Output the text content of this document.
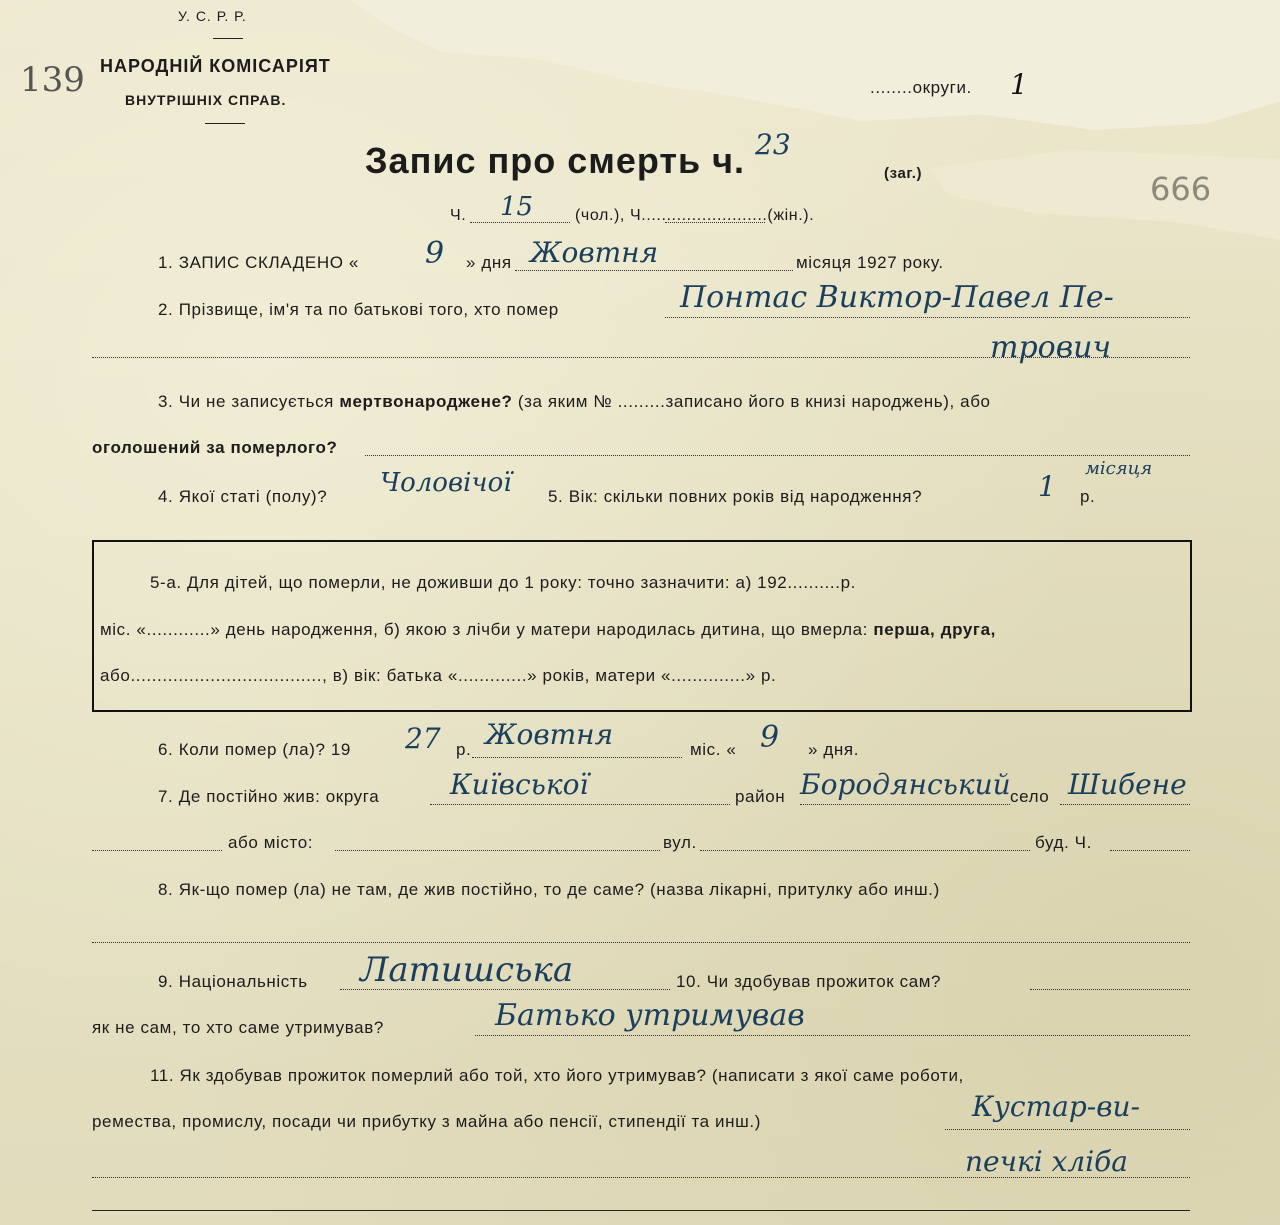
У. С. Р. Р.
НАРОДНІЙ КОМІСАРІЯТ
ВНУТРІШНІХ СПРАВ.
139	........округи. 1
Запис про смерть ч. 23
(заг.)	666
Ч. 15	(чол.), Ч.........................(жін.).
1. ЗАПИС СКЛАДЕНО « 9 » дня Жовтня	місяця 1927 року.
2. Прізвище, ім'я та по батькові того, хто помер	Понтас Виктор-Павел Пе-
трович
3. Чи не записується мертвонароджене? (за яким № .........записано його в книзі народжень), або
оголошений за померлого?
4. Якої статі (полу)? Чоловічої 5. Вік: скільки повних років від народження?	1
місяця
р.
5-а. Для дітей, що померли, не доживши до 1 року: точно зазначити: а) 192..........р.
міс. «............» день народження, б) якою з лічби у матери народилась дитина, що вмерла: перша, друга,
або...................................., в) вік: батька «.............» років, матери «..............» р.
6. Коли помер (ла)? 19 27 р. Жовтня	міс. « 9 » дня.
7. Де постійно жив: округа	Київської	район Бородянський село Шибене
або місто:	вул.	буд. Ч.
8. Як-що помер (ла) не там, де жив постійно, то де саме? (назва лікарні, притулку або инш.)
9. Національність Латишська	10. Чи здобував прожиток сам?
як не сам, то хто саме утримував?	Батько утримував
11. Як здобував прожиток померлий або той, хто його утримував? (написати з якої саме роботи,
ремества, промислу, посади чи прибутку з майна або пенсії, стипендії та инш.)	Кустар-ви-
печкі хліба
